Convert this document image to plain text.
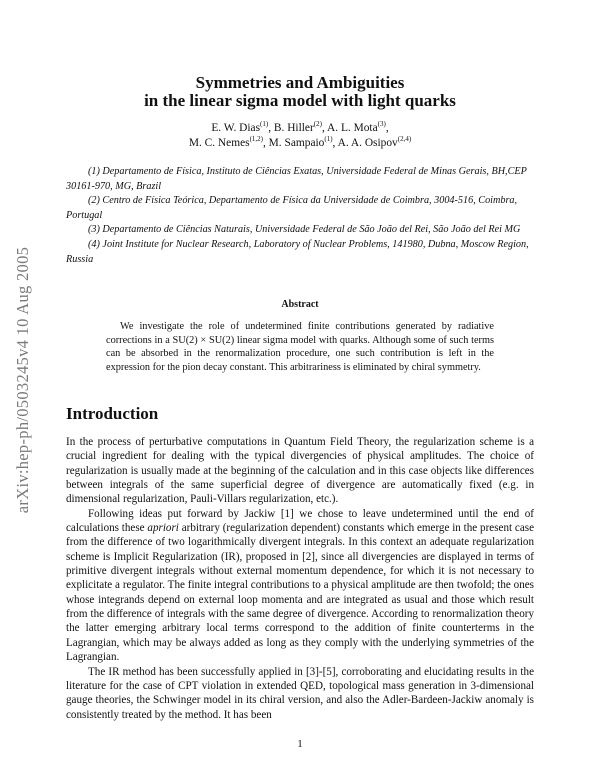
arXiv:hep-ph/0503245v4 10 Aug 2005
Symmetries and Ambiguities
in the linear sigma model with light quarks
E. W. Dias$^{(1)}$, B. Hiller$^{(2)}$, A. L. Mota$^{(3)}$,
M. C. Nemes$^{(1,2)}$, M. Sampaio$^{(1)}$, A. A. Osipov$^{(2,4)}$

(1) Departamento de Física, Instituto de Ciências Exatas, Universidade Federal de Minas Gerais, BH,CEP 30161-970, MG, Brazil

(2) Centro de Física Teórica, Departamento de Física da Universidade de Coimbra, 3004-516, Coimbra, Portugal

(3) Departamento de Ciências Naturais, Universidade Federal de São João del Rei, São João del Rei MG

(4) Joint Institute for Nuclear Research, Laboratory of Nuclear Problems, 141980, Dubna, Moscow Region, Russia

Abstract

We investigate the role of undetermined finite contributions generated by radiative corrections in a SU(2) × SU(2) linear sigma model with quarks. Although some of such terms can be absorbed in the renormalization procedure, one such contribution is left in the expression for the pion decay constant. This arbitrariness is eliminated by chiral symmetry.

Introduction

In the process of perturbative computations in Quantum Field Theory, the regularization scheme is a crucial ingredient for dealing with the typical divergencies of physical amplitudes. The choice of regularization is usually made at the beginning of the calculation and in this case objects like differences between integrals of the same superficial degree of divergence are automatically fixed (e.g. in dimensional regularization, Pauli-Villars regularization, etc.).

Following ideas put forward by Jackiw [1] we chose to leave undetermined until the end of calculations these apriori arbitrary (regularization dependent) constants which emerge in the present case from the difference of two logarithmically divergent integrals. In this context an adequate regularization scheme is Implicit Regularization (IR), proposed in [2], since all divergencies are displayed in terms of primitive divergent integrals without external momentum dependence, for which it is not necessary to explicitate a regulator. The finite integral contributions to a physical amplitude are then twofold; the ones whose integrands depend on external loop momenta and are integrated as usual and those which result from the difference of integrals with the same degree of divergence. According to renormalization theory the latter emerging arbitrary local terms correspond to the addition of finite counterterms in the Lagrangian, which may be always added as long as they comply with the underlying symmetries of the Lagrangian.

The IR method has been successfully applied in [3]-[5], corroborating and elucidating results in the literature for the case of CPT violation in extended QED, topological mass generation in 3-dimensional gauge theories, the Schwinger model in its chiral version, and also the Adler-Bardeen-Jackiw anomaly is consistently treated by the method. It has been

1
